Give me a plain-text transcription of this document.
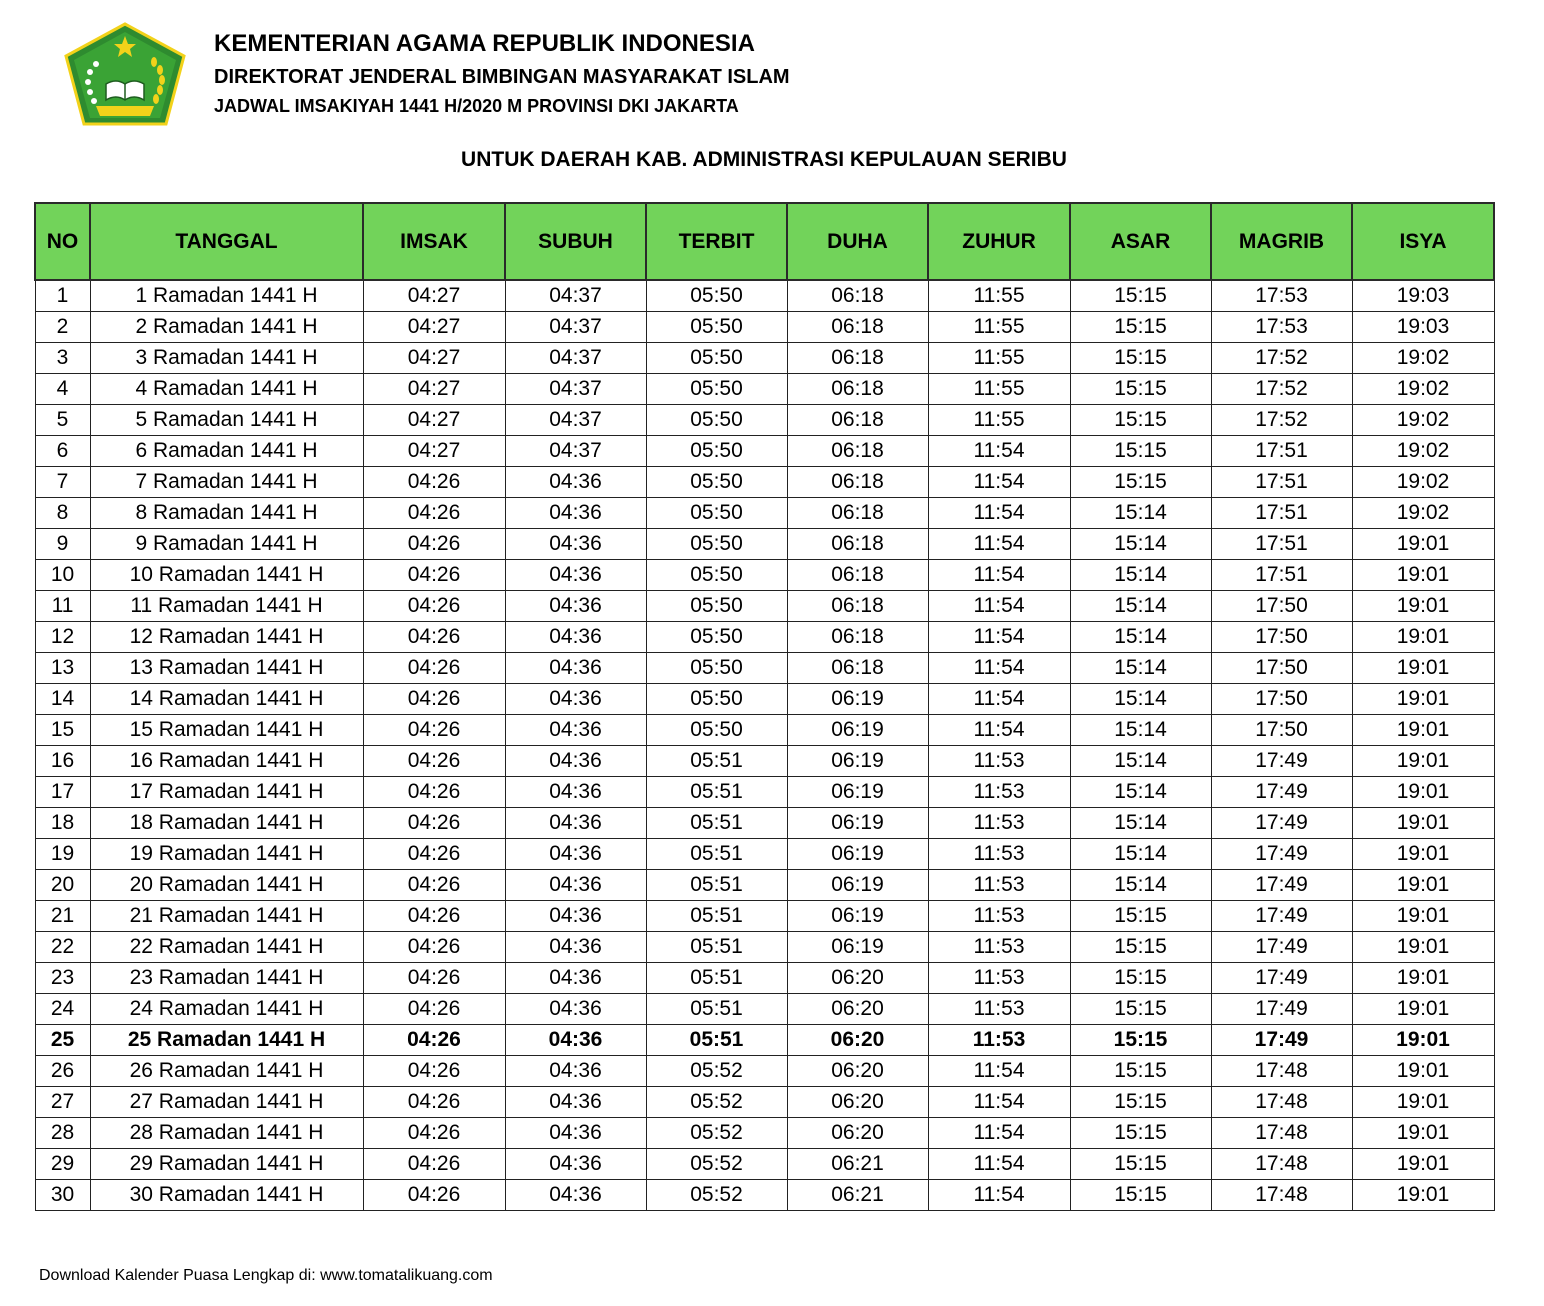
KEMENTERIAN AGAMA REPUBLIK INDONESIA
DIREKTORAT JENDERAL BIMBINGAN MASYARAKAT ISLAM
JADWAL IMSAKIYAH 1441 H/2020 M PROVINSI DKI JAKARTA
UNTUK DAERAH KAB. ADMINISTRASI KEPULAUAN SERIBU
NO	TANGGAL	IMSAK	SUBUH	TERBIT	DUHA	ZUHUR	ASAR	MAGRIB	ISYA
1	1 Ramadan 1441 H	04:27	04:37	05:50	06:18	11:55	15:15	17:53	19:03
2	2 Ramadan 1441 H	04:27	04:37	05:50	06:18	11:55	15:15	17:53	19:03
3	3 Ramadan 1441 H	04:27	04:37	05:50	06:18	11:55	15:15	17:52	19:02
4	4 Ramadan 1441 H	04:27	04:37	05:50	06:18	11:55	15:15	17:52	19:02
5	5 Ramadan 1441 H	04:27	04:37	05:50	06:18	11:55	15:15	17:52	19:02
6	6 Ramadan 1441 H	04:27	04:37	05:50	06:18	11:54	15:15	17:51	19:02
7	7 Ramadan 1441 H	04:26	04:36	05:50	06:18	11:54	15:15	17:51	19:02
8	8 Ramadan 1441 H	04:26	04:36	05:50	06:18	11:54	15:14	17:51	19:02
9	9 Ramadan 1441 H	04:26	04:36	05:50	06:18	11:54	15:14	17:51	19:01
10	10 Ramadan 1441 H	04:26	04:36	05:50	06:18	11:54	15:14	17:51	19:01
11	11 Ramadan 1441 H	04:26	04:36	05:50	06:18	11:54	15:14	17:50	19:01
12	12 Ramadan 1441 H	04:26	04:36	05:50	06:18	11:54	15:14	17:50	19:01
13	13 Ramadan 1441 H	04:26	04:36	05:50	06:18	11:54	15:14	17:50	19:01
14	14 Ramadan 1441 H	04:26	04:36	05:50	06:19	11:54	15:14	17:50	19:01
15	15 Ramadan 1441 H	04:26	04:36	05:50	06:19	11:54	15:14	17:50	19:01
16	16 Ramadan 1441 H	04:26	04:36	05:51	06:19	11:53	15:14	17:49	19:01
17	17 Ramadan 1441 H	04:26	04:36	05:51	06:19	11:53	15:14	17:49	19:01
18	18 Ramadan 1441 H	04:26	04:36	05:51	06:19	11:53	15:14	17:49	19:01
19	19 Ramadan 1441 H	04:26	04:36	05:51	06:19	11:53	15:14	17:49	19:01
20	20 Ramadan 1441 H	04:26	04:36	05:51	06:19	11:53	15:14	17:49	19:01
21	21 Ramadan 1441 H	04:26	04:36	05:51	06:19	11:53	15:15	17:49	19:01
22	22 Ramadan 1441 H	04:26	04:36	05:51	06:19	11:53	15:15	17:49	19:01
23	23 Ramadan 1441 H	04:26	04:36	05:51	06:20	11:53	15:15	17:49	19:01
24	24 Ramadan 1441 H	04:26	04:36	05:51	06:20	11:53	15:15	17:49	19:01
25	25 Ramadan 1441 H	04:26	04:36	05:51	06:20	11:53	15:15	17:49	19:01
26	26 Ramadan 1441 H	04:26	04:36	05:52	06:20	11:54	15:15	17:48	19:01
27	27 Ramadan 1441 H	04:26	04:36	05:52	06:20	11:54	15:15	17:48	19:01
28	28 Ramadan 1441 H	04:26	04:36	05:52	06:20	11:54	15:15	17:48	19:01
29	29 Ramadan 1441 H	04:26	04:36	05:52	06:21	11:54	15:15	17:48	19:01
30	30 Ramadan 1441 H	04:26	04:36	05:52	06:21	11:54	15:15	17:48	19:01
Download Kalender Puasa Lengkap di: www.tomatalikuang.com
